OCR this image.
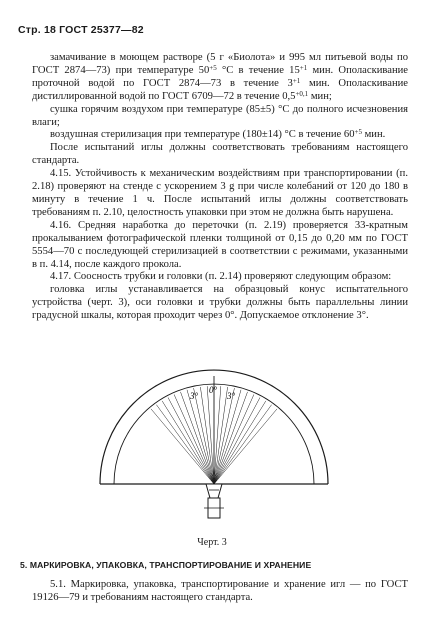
Стр. 18 ГОСТ 25377—82

замачивание в моющем растворе (5 г «Биолота» и 995 мл питьевой воды по ГОСТ 2874—73) при температуре $50^{+5}$ °С в течение $15^{+1}$ мин. Ополаскивание проточной водой по ГОСТ 2874—73 в течение $3^{+1}$ мин. Ополаскивание дистиллированной водой по ГОСТ 6709—72 в течение $0,5^{+0,1}$ мин;

сушка горячим воздухом при температуре (85±5) °С до полного исчезновения влаги;

воздушная стерилизация при температуре (180±14) °С в течение $60^{+5}$ мин.

После испытаний иглы должны соответствовать требованиям настоящего стандарта.

4.15. Устойчивость к механическим воздействиям при транспортировании (п. 2.18) проверяют на стенде с ускорением 3 g при числе колебаний от 120 до 180 в минуту в течение 1 ч. После испытаний иглы должны соответствовать требованиям п. 2.10, целостность упаковки при этом не должна быть нарушена.

4.16. Средняя наработка до переточки (п. 2.19) проверяется 33-кратным прокалыванием фотографической пленки толщиной от 0,15 до 0,20 мм по ГОСТ 5554—70 с последующей стерилизацией в соответствии с режимами, указанными в п. 4.14, после каждого прокола.

4.17. Соосность трубки и головки (п. 2.14) проверяют следующим образом:

головка иглы устанавливается на образцовый конус испытательного устройства (черт. 3), оси головки и трубки должны быть параллельны линии градусной шкалы, которая проходит через 0°. Допускаемое отклонение 3°.

3°
0°
3°
Черт. 3
5. МАРКИРОВКА, УПАКОВКА, ТРАНСПОРТИРОВАНИЕ И ХРАНЕНИЕ

5.1. Маркировка, упаковка, транспортирование и хранение игл — по ГОСТ 19126—79 и требованиям настоящего стандарта.
